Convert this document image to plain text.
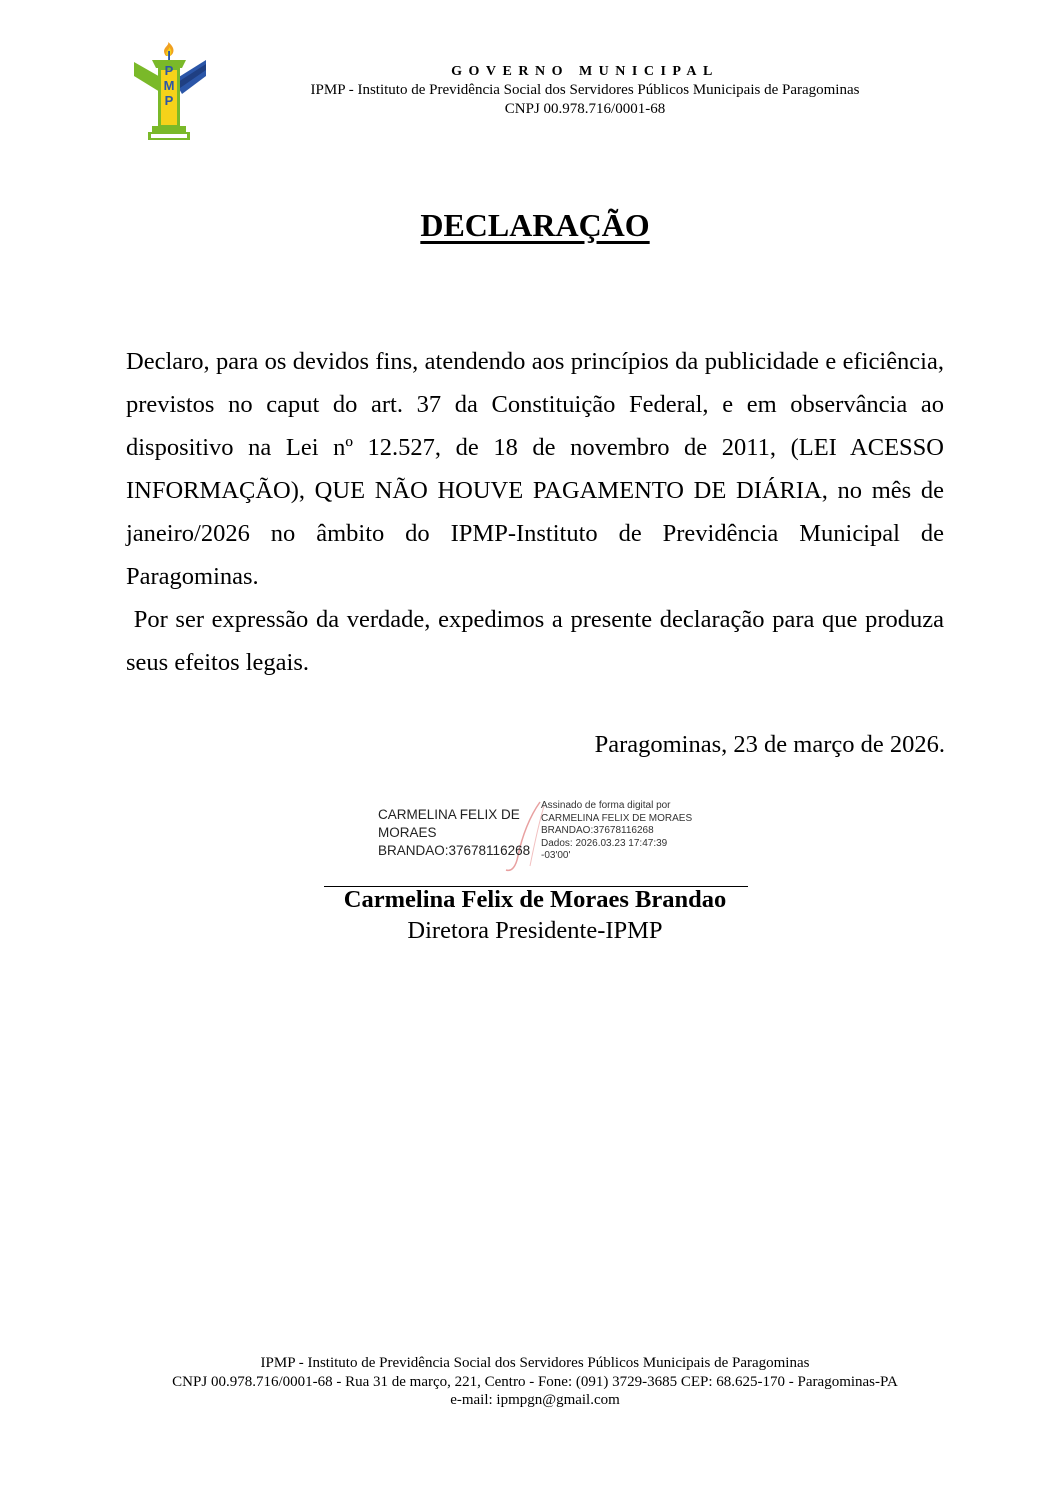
IPMP	GOVERNO MUNICIPAL
IPMP - Instituto de Previdência Social dos Servidores Públicos Municipais de Paragominas
CNPJ 00.978.716/0001-68
DECLARAÇÃO

Declaro, para os devidos fins, atendendo aos princípios da publicidade e eficiência, previstos no caput do art. 37 da Constituição Federal, e em observância ao dispositivo na Lei nº 12.527, de 18 de novembro de 2011, (LEI ACESSO INFORMAÇÃO), QUE NÃO HOUVE PAGAMENTO DE DIÁRIA, no mês de janeiro/2026 no âmbito do IPMP-Instituto de Previdência Municipal de Paragominas.

Por ser expressão da verdade, expedimos a presente declaração para que produza seus efeitos legais.

Paragominas, 23 de março de 2026.
CARMELINA FELIX DE
MORAES
BRANDAO:37678116268
Assinado de forma digital por
CARMELINA FELIX DE MORAES
BRANDAO:37678116268
Dados: 2026.03.23 17:47:39
-03'00'
Carmelina Felix de Moraes Brandao
Diretora Presidente-IPMP
IPMP - Instituto de Previdência Social dos Servidores Públicos Municipais de Paragominas
CNPJ 00.978.716/0001-68 - Rua 31 de março, 221, Centro - Fone: (091) 3729-3685 CEP: 68.625-170 - Paragominas-PA
e-mail: ipmpgn@gmail.com
